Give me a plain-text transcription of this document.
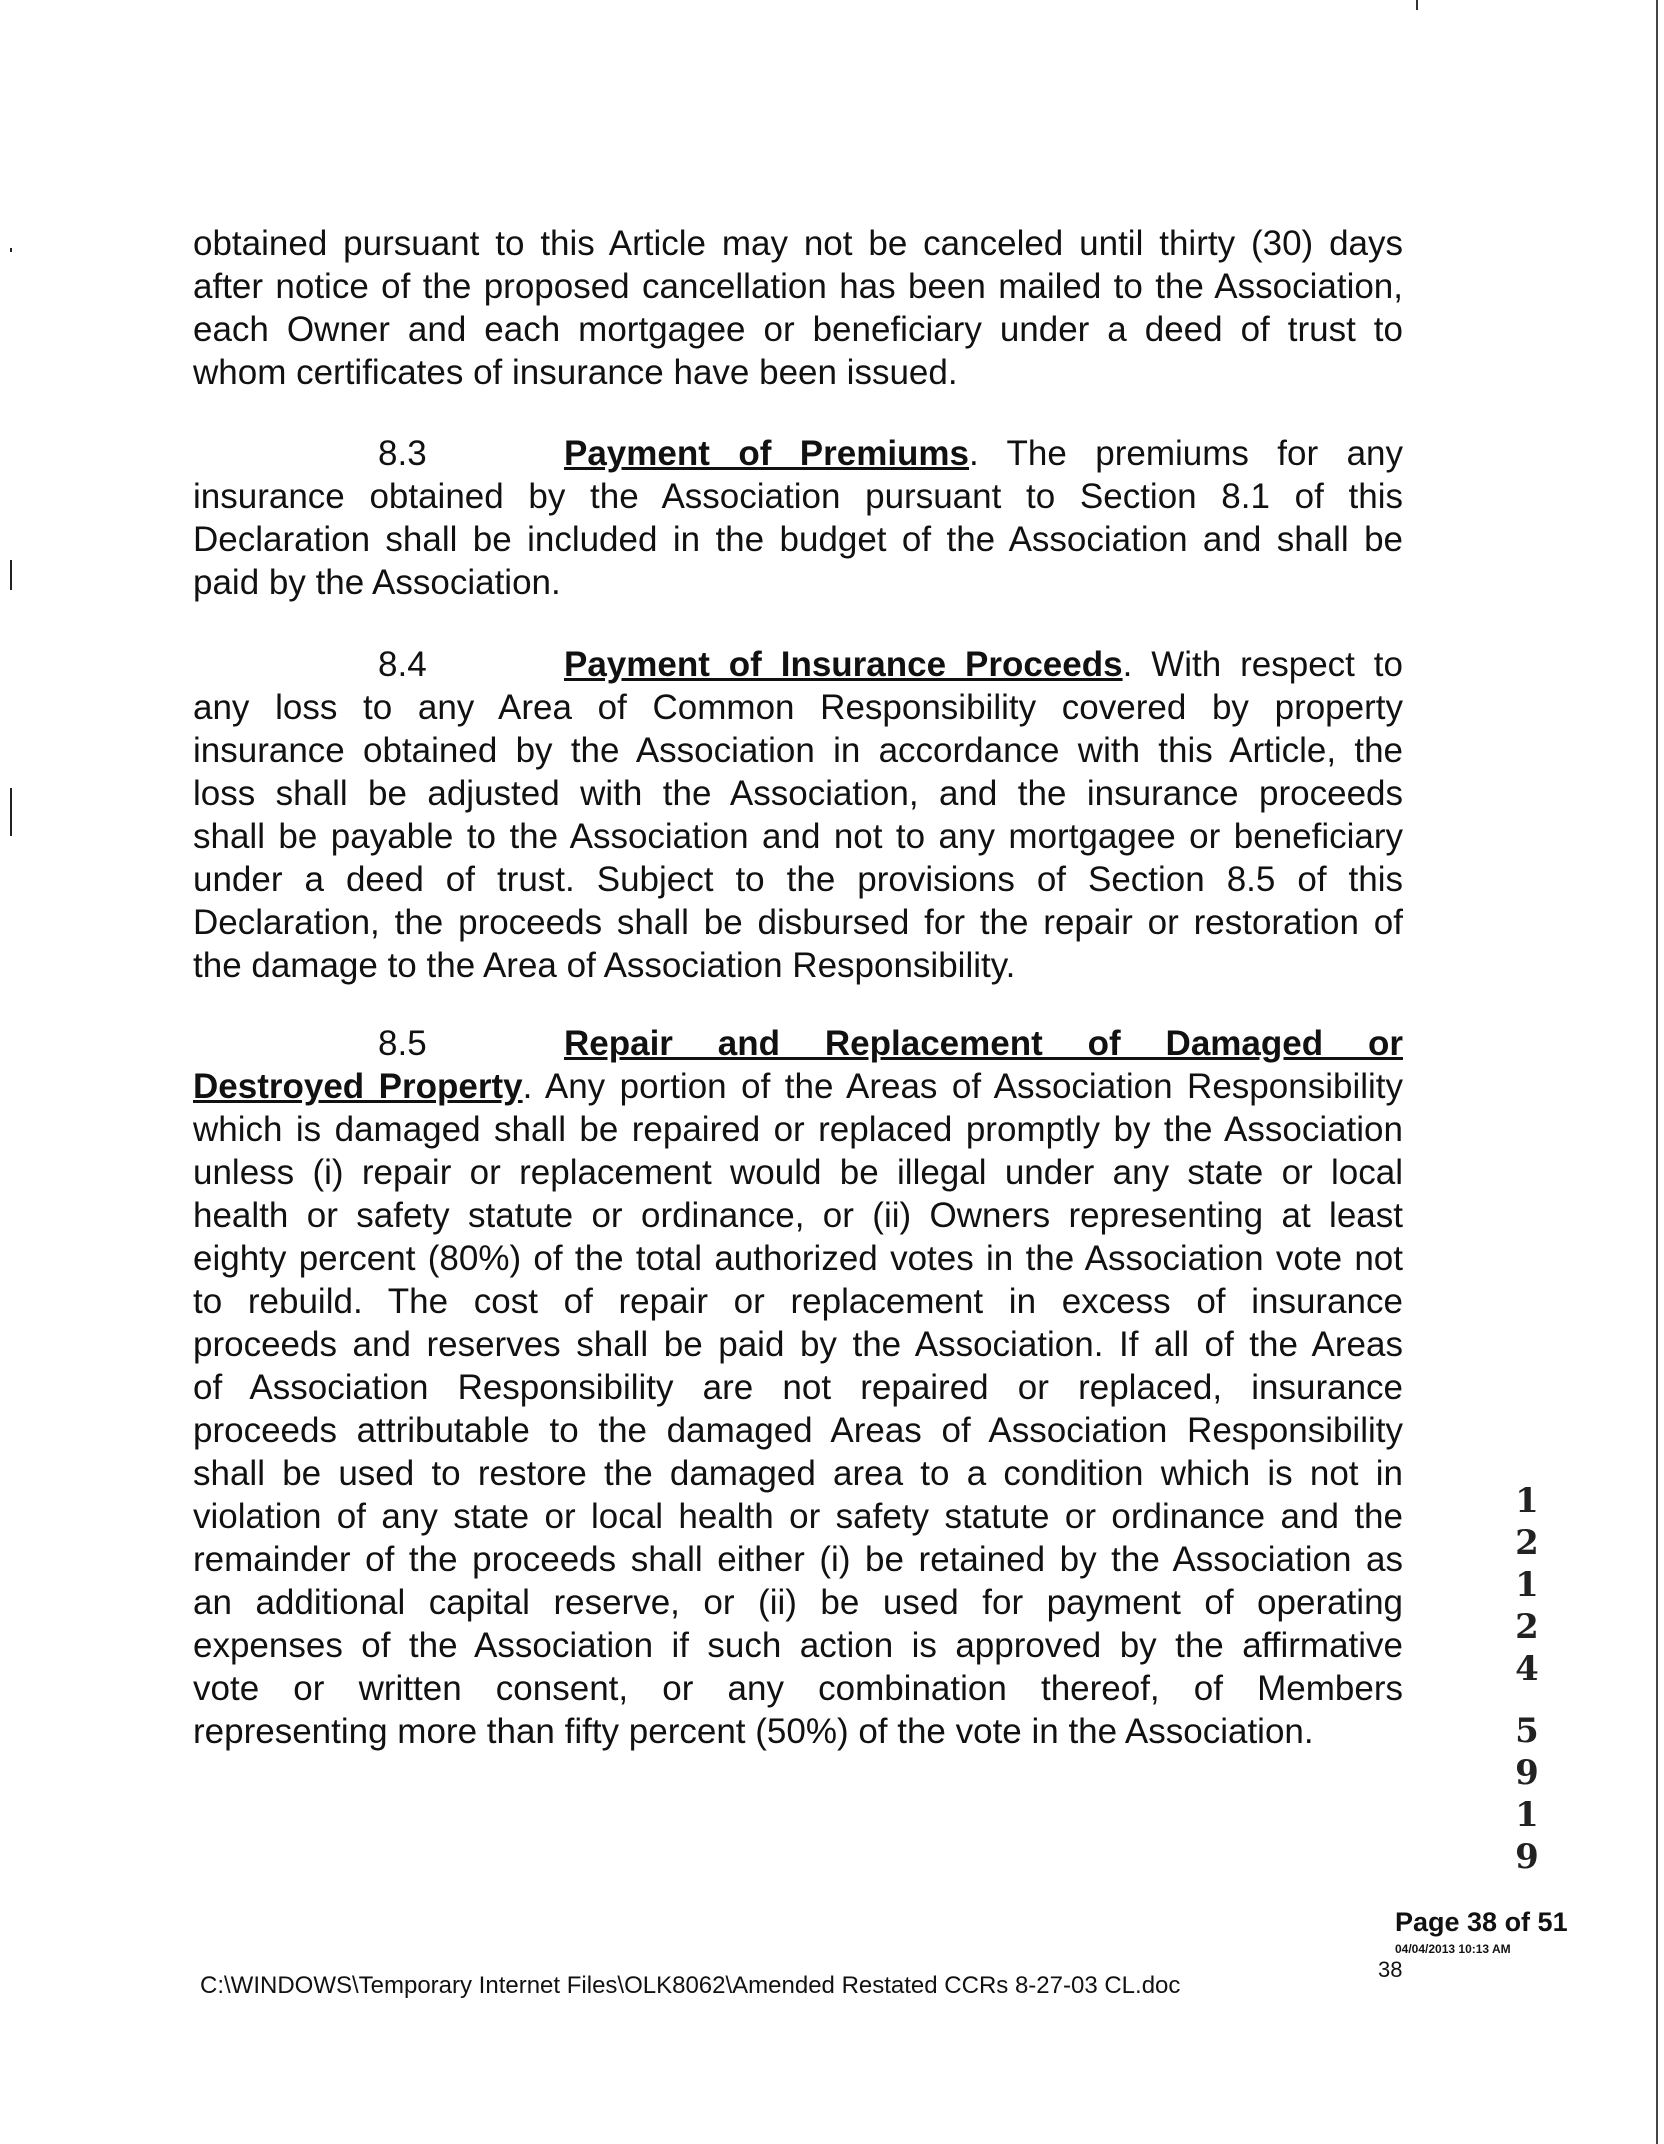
obtained pursuant to this Article may not be canceled until thirty (30) days
after notice of the proposed cancellation has been mailed to the Association,
each Owner and each mortgagee or beneficiary under a deed of trust to
whom certificates of insurance have been issued.
8.3	Payment of Premiums. The premiums for any
insurance obtained by the Association pursuant to Section 8.1 of this
Declaration shall be included in the budget of the Association and shall be
paid by the Association.
8.4	Payment of Insurance Proceeds. With respect to
any loss to any Area of Common Responsibility covered by property
insurance obtained by the Association in accordance with this Article, the
loss shall be adjusted with the Association, and the insurance proceeds
shall be payable to the Association and not to any mortgagee or beneficiary
under a deed of trust. Subject to the provisions of Section 8.5 of this
Declaration, the proceeds shall be disbursed for the repair or restoration of
the damage to the Area of Association Responsibility.
8.5	Repair and Replacement of Damaged or
Destroyed Property. Any portion of the Areas of Association Responsibility
which is damaged shall be repaired or replaced promptly by the Association
unless (i) repair or replacement would be illegal under any state or local
health or safety statute or ordinance, or (ii) Owners representing at least
eighty percent (80%) of the total authorized votes in the Association vote not
to rebuild. The cost of repair or replacement in excess of insurance
proceeds and reserves shall be paid by the Association. If all of the Areas
of Association Responsibility are not repaired or replaced, insurance
proceeds attributable to the damaged Areas of Association Responsibility
shall be used to restore the damaged area to a condition which is not in
violation of any state or local health or safety statute or ordinance and the
remainder of the proceeds shall either (i) be retained by the Association as
an additional capital reserve, or (ii) be used for payment of operating
expenses of the Association if such action is approved by the affirmative
vote or written consent, or any combination thereof, of Members
representing more than fifty percent (50%) of the vote in the Association.
1
2
1
2
4
5
9
1
9
Page 38 of 51
04/04/2013 10:13 AM
38
C:\WINDOWS\Temporary Internet Files\OLK8062\Amended Restated CCRs 8-27-03 CL.doc
